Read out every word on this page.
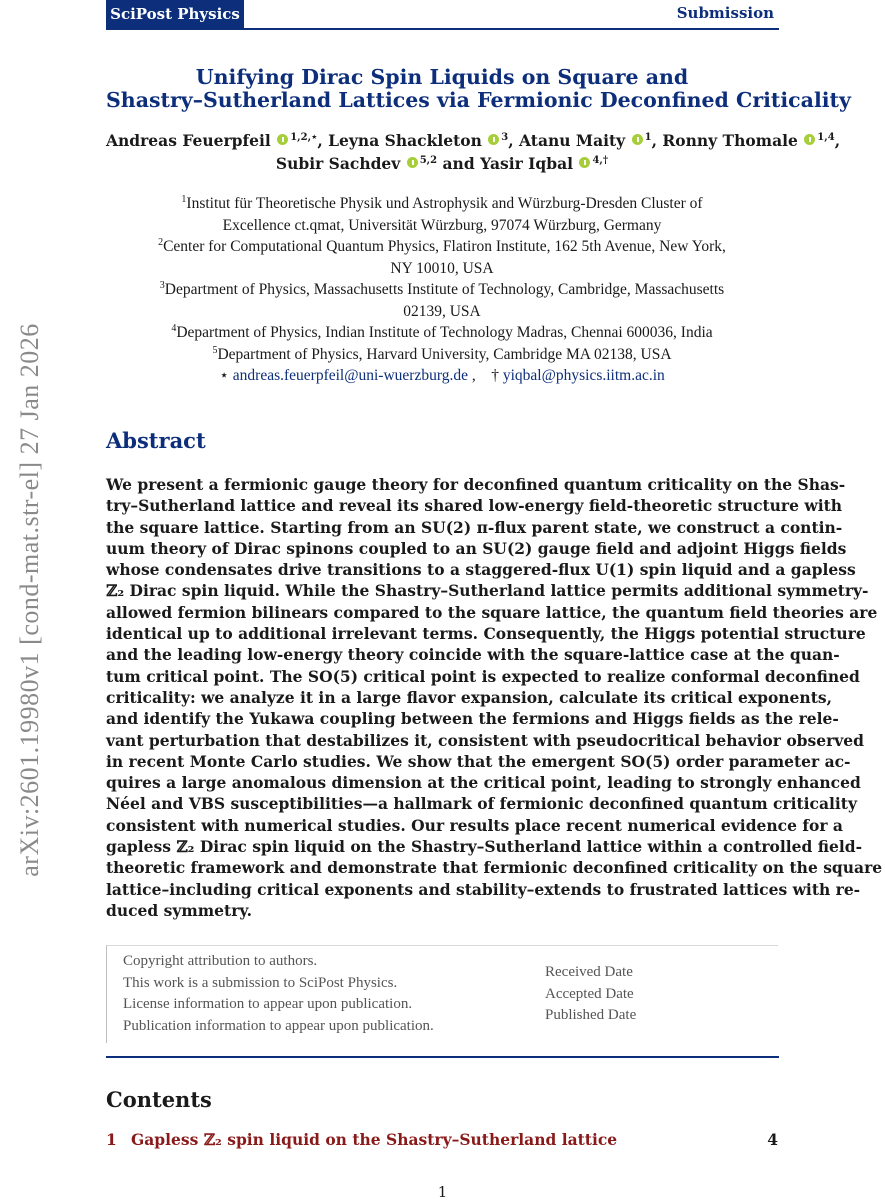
SciPost Physics	Submission
arXiv:2601.19980v1 [cond-mat.str-el] 27 Jan 2026
Unifying Dirac Spin Liquids on Square and
Shastry–Sutherland Lattices via Fermionic Deconfined Criticality
Andreas Feuerpfeil $^{1,2,⋆}$, Leyna Shackleton $^3$, Atanu Maity $^1$, Ronny Thomale $^{1,4}$,
Subir Sachdev $^{5,2}$ and Yasir Iqbal $^{4,\dagger}$
$^1$Institut für Theoretische Physik und Astrophysik and Würzburg-Dresden Cluster of
Excellence ct.qmat, Universität Würzburg, 97074 Würzburg, Germany
$^2$Center for Computational Quantum Physics, Flatiron Institute, 162 5th Avenue, New York,
NY 10010, USA
$^3$Department of Physics, Massachusetts Institute of Technology, Cambridge, Massachusetts
02139, USA
$^4$Department of Physics, Indian Institute of Technology Madras, Chennai 600036, India
$^5$Department of Physics, Harvard University, Cambridge MA 02138, USA
⋆ andreas.feuerpfeil@uni-wuerzburg.de , † yiqbal@physics.iitm.ac.in
Abstract
We present a fermionic gauge theory for deconfined quantum criticality on the Shas-
try–Sutherland lattice and reveal its shared low-energy field-theoretic structure with
the square lattice. Starting from an SU(2) π-flux parent state, we construct a contin-
uum theory of Dirac spinons coupled to an SU(2) gauge field and adjoint Higgs fields
whose condensates drive transitions to a staggered-flux U(1) spin liquid and a gapless
ℤ₂ Dirac spin liquid. While the Shastry–Sutherland lattice permits additional symmetry-
allowed fermion bilinears compared to the square lattice, the quantum field theories are
identical up to additional irrelevant terms. Consequently, the Higgs potential structure
and the leading low-energy theory coincide with the square-lattice case at the quan-
tum critical point. The SO(5) critical point is expected to realize conformal deconfined
criticality: we analyze it in a large flavor expansion, calculate its critical exponents,
and identify the Yukawa coupling between the fermions and Higgs fields as the rele-
vant perturbation that destabilizes it, consistent with pseudocritical behavior observed
in recent Monte Carlo studies. We show that the emergent SO(5) order parameter ac-
quires a large anomalous dimension at the critical point, leading to strongly enhanced
Néel and VBS susceptibilities—a hallmark of fermionic deconfined quantum criticality
consistent with numerical studies. Our results place recent numerical evidence for a
gapless ℤ₂ Dirac spin liquid on the Shastry–Sutherland lattice within a controlled field-
theoretic framework and demonstrate that fermionic deconfined criticality on the square
lattice–including critical exponents and stability–extends to frustrated lattices with re-
duced symmetry.
Copyright attribution to authors.
This work is a submission to SciPost Physics.
License information to appear upon publication.
Publication information to appear upon publication.
Received Date
Accepted Date
Published Date
Contents
1 Gapless ℤ₂ spin liquid on the Shastry–Sutherland lattice	4
1
